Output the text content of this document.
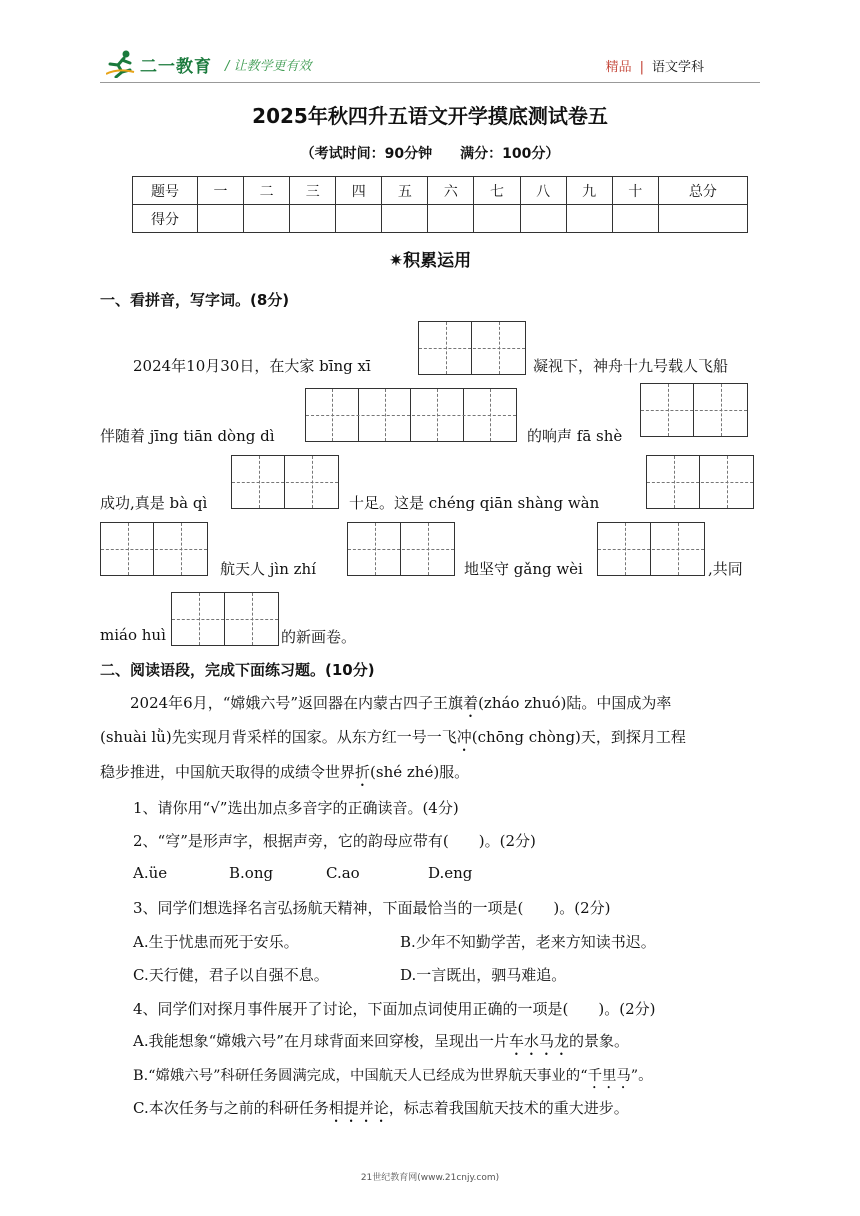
二一教育 / 让教学更有效	精品 | 语文学科
2025年秋四升五语文开学摸底测试卷五
（考试时间：90分钟　　满分：100分）
题号	一	二	三	四	五	六	七	八	九	十	总分
得分											
✷积累运用
一、看拼音，写字词。(8分)
2024年10月30日，在大家 bīng xī	凝视下，神舟十九号载人飞船
伴随着 jīng tiān dòng dì	的响声 fā shè
成功,真是 bà qì	十足。这是 chéng qiān shàng wàn
航天人 jìn zhí	地坚守 gǎng wèi	,共同
miáo huì	的新画卷。
二、阅读语段，完成下面练习题。(10分)
　　2024年6月，“嫦娥六号”返回器在内蒙古四子王旗着(zháo zhuó)陆。中国成为率
(shuài lǜ)先实现月背采样的国家。从东方红一号一飞冲(chōng chòng)天，到探月工程
稳步推进，中国航天取得的成绩令世界折(shé zhé)服。
1、请你用“√”选出加点多音字的正确读音。(4分)
2、“穹”是形声字，根据声旁，它的韵母应带有(　　)。(2分)
A.üe	B.ong	C.ao	D.eng
3、同学们想选择名言弘扬航天精神，下面最恰当的一项是(　　)。(2分)
A.生于忧患而死于安乐。	B.少年不知勤学苦，老来方知读书迟。
C.天行健，君子以自强不息。	D.一言既出，驷马难追。
4、同学们对探月事件展开了讨论，下面加点词使用正确的一项是(　　)。(2分)
A.我能想象“嫦娥六号”在月球背面来回穿梭，呈现出一片车水马龙的景象。
B.“嫦娥六号”科研任务圆满完成，中国航天人已经成为世界航天事业的“千里马”。
C.本次任务与之前的科研任务相提并论，标志着我国航天技术的重大进步。
21世纪教育网(www.21cnjy.com)
